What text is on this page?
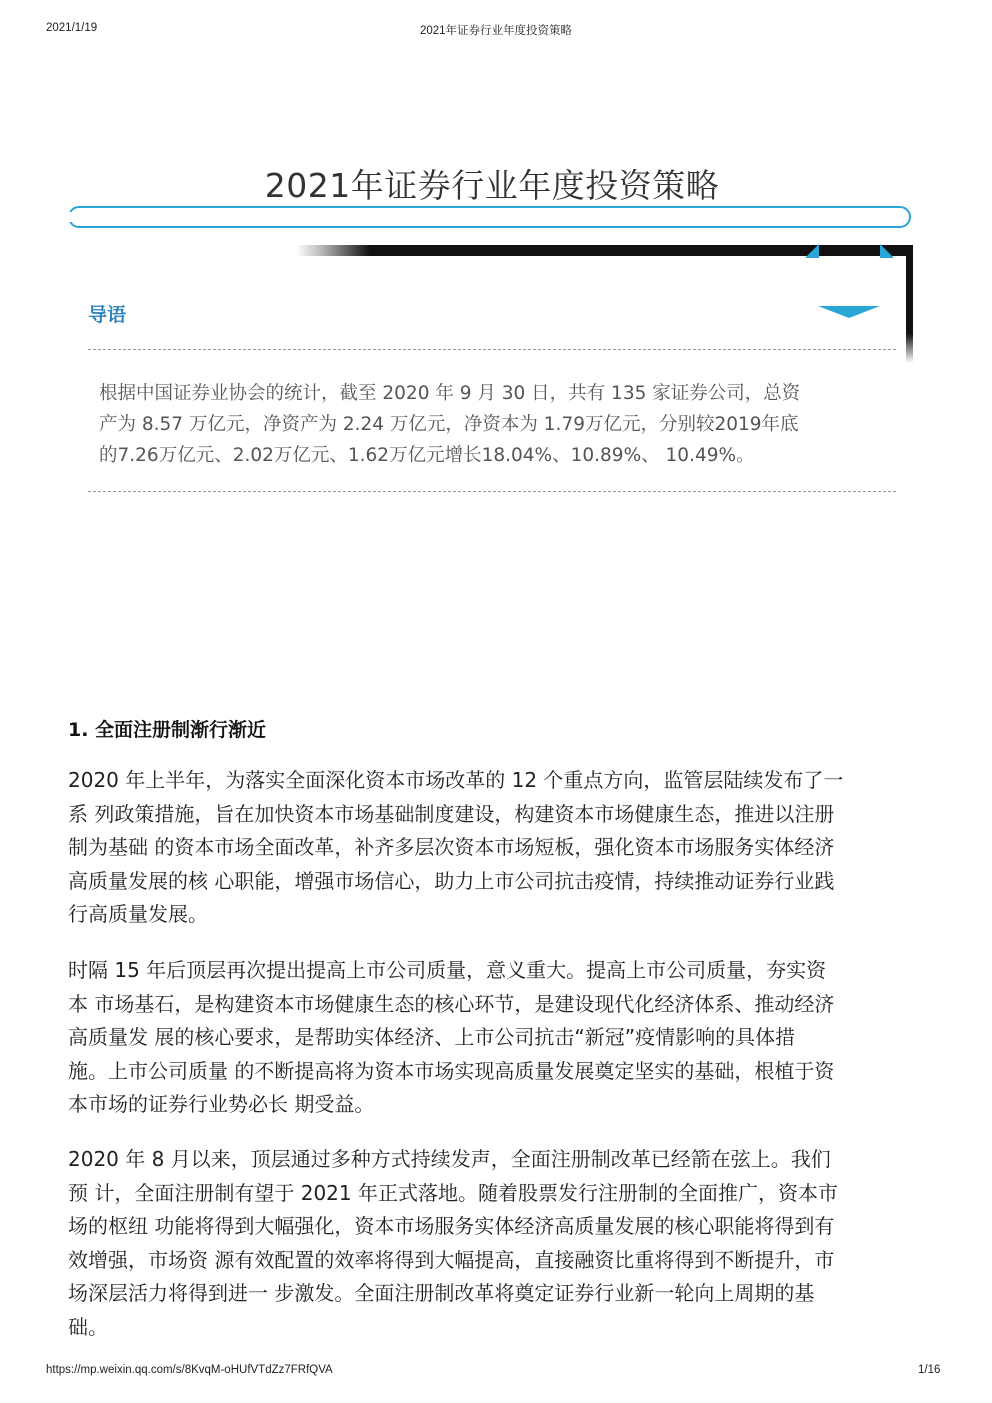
2021/1/19	2021年证券行业年度投资策略
2021年证券行业年度投资策略
导语

根据中国证券业协会的统计，截至 2020 年 9 月 30 日，共有 135 家证券公司，总资

产为 8.57 万亿元，净资产为 2.24 万亿元，净资本为 1.79万亿元，分别较2019年底

的7.26万亿元、2.02万亿元、1.62万亿元增长18.04%、10.89%、 10.49%。

1. 全面注册制渐行渐近
2020 年上半年，为落实全面深化资本市场改革的 12 个重点方向，监管层陆续发布了一
系 列政策措施，旨在加快资本市场基础制度建设，构建资本市场健康生态，推进以注册
制为基础 的资本市场全面改革，补齐多层次资本市场短板，强化资本市场服务实体经济
高质量发展的核 心职能，增强市场信心，助力上市公司抗击疫情，持续推动证券行业践
行高质量发展。
时隔 15 年后顶层再次提出提高上市公司质量，意义重大。提高上市公司质量，夯实资
本 市场基石，是构建资本市场健康生态的核心环节，是建设现代化经济体系、推动经济
高质量发 展的核心要求，是帮助实体经济、上市公司抗击“新冠”疫情影响的具体措
施。上市公司质量 的不断提高将为资本市场实现高质量发展奠定坚实的基础，根植于资
本市场的证券行业势必长 期受益。
2020 年 8 月以来，顶层通过多种方式持续发声，全面注册制改革已经箭在弦上。我们
预 计，全面注册制有望于 2021 年正式落地。随着股票发行注册制的全面推广，资本市
场的枢纽 功能将得到大幅强化，资本市场服务实体经济高质量发展的核心职能将得到有
效增强，市场资 源有效配置的效率将得到大幅提高，直接融资比重将得到不断提升，市
场深层活力将得到进一 步激发。全面注册制改革将奠定证券行业新一轮向上周期的基
础。
https://mp.weixin.qq.com/s/8KvqM-oHUfVTdZz7FRfQVA	1/16
